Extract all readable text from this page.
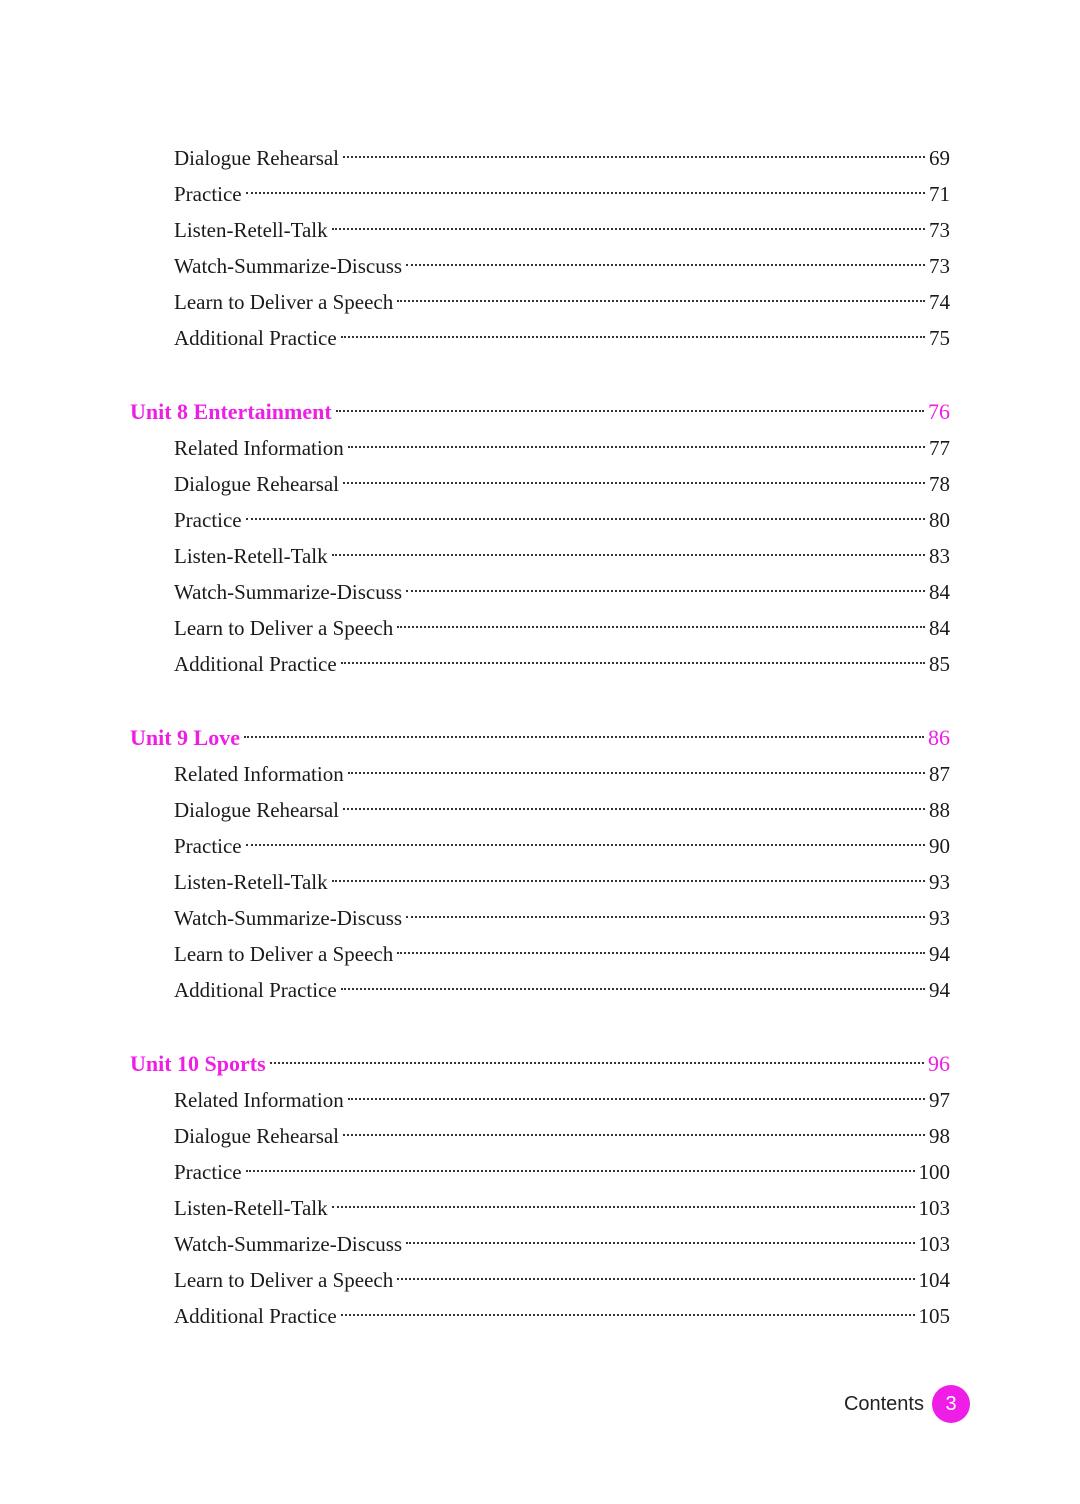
Dialogue Rehearsal	69
Practice	71
Listen-Retell-Talk	73
Watch-Summarize-Discuss	73
Learn to Deliver a Speech	74
Additional Practice	75
Unit 8 Entertainment	76
Related Information	77
Dialogue Rehearsal	78
Practice	80
Listen-Retell-Talk	83
Watch-Summarize-Discuss	84
Learn to Deliver a Speech	84
Additional Practice	85
Unit 9 Love	86
Related Information	87
Dialogue Rehearsal	88
Practice	90
Listen-Retell-Talk	93
Watch-Summarize-Discuss	93
Learn to Deliver a Speech	94
Additional Practice	94
Unit 10 Sports	96
Related Information	97
Dialogue Rehearsal	98
Practice	100
Listen-Retell-Talk	103
Watch-Summarize-Discuss	103
Learn to Deliver a Speech	104
Additional Practice	105
Contents	3
